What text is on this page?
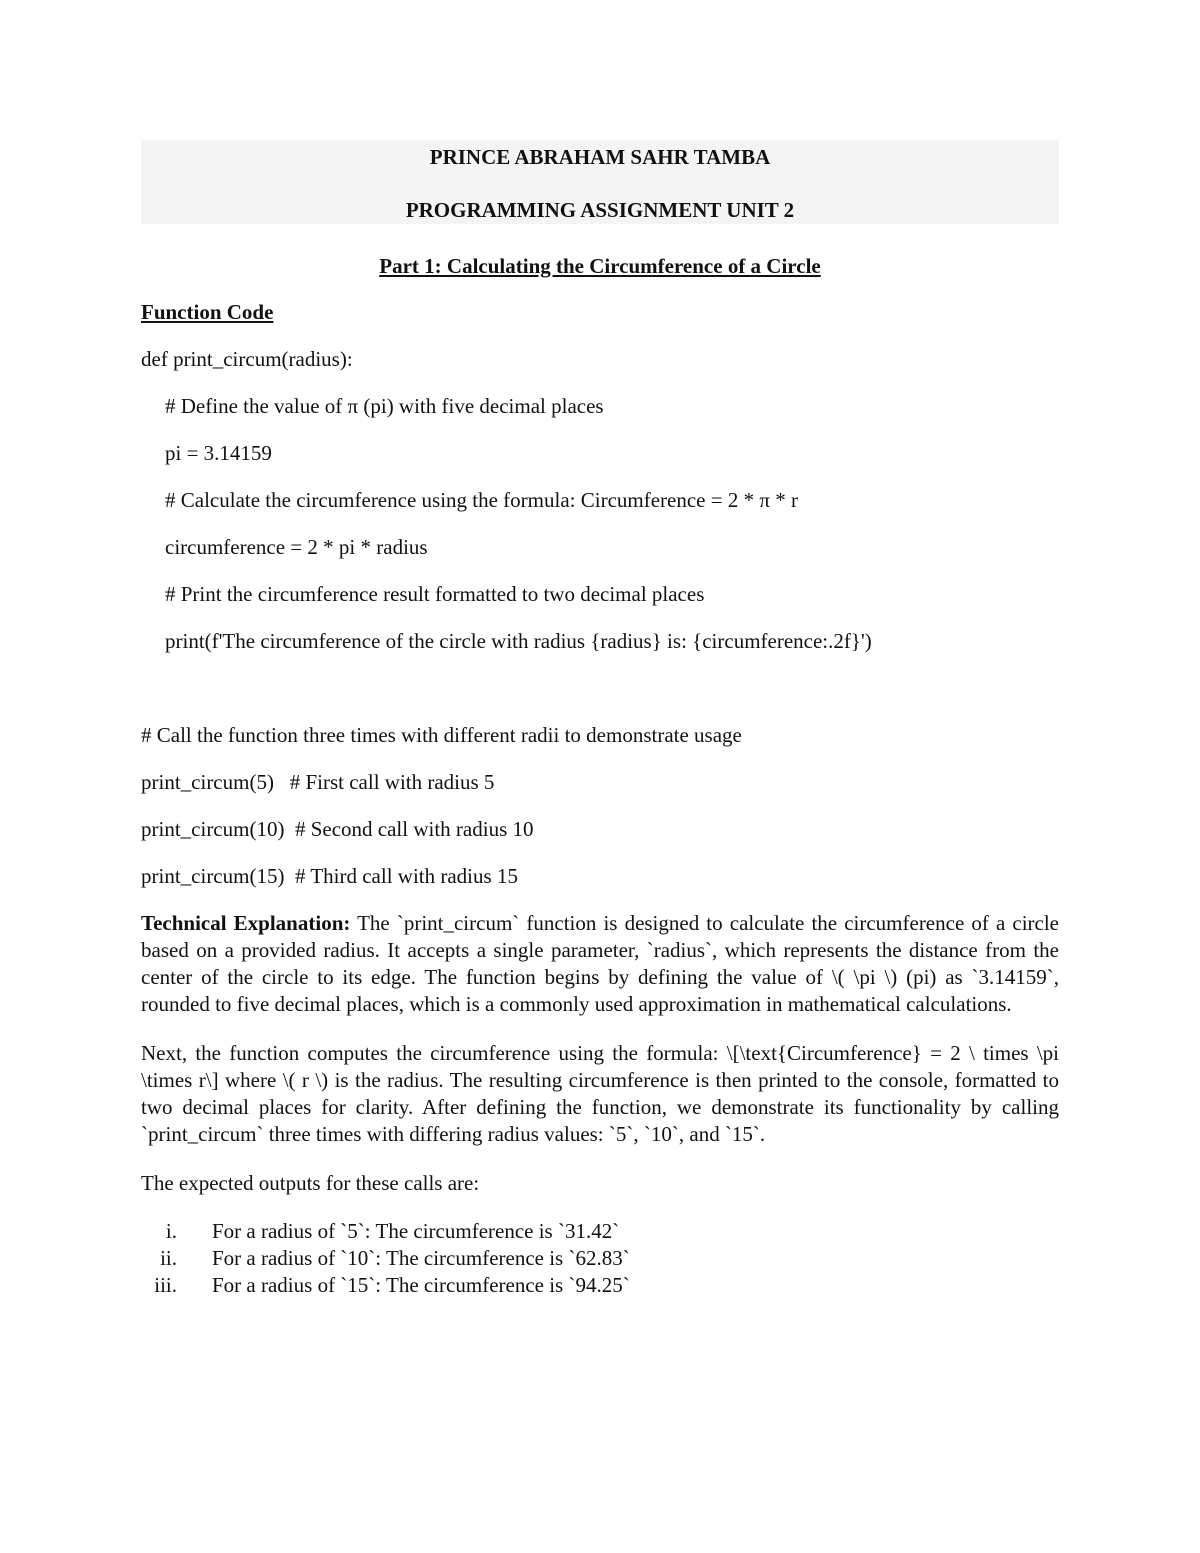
PRINCE ABRAHAM SAHR TAMBA
PROGRAMMING ASSIGNMENT UNIT 2
Part 1: Calculating the Circumference of a Circle
Function Code
def print_circum(radius):
# Define the value of π (pi) with five decimal places
pi = 3.14159
# Calculate the circumference using the formula: Circumference = 2 * π * r
circumference = 2 * pi * radius
# Print the circumference result formatted to two decimal places
print(f'The circumference of the circle with radius {radius} is: {circumference:.2f}')
# Call the function three times with different radii to demonstrate usage
print_circum(5)   # First call with radius 5
print_circum(10)  # Second call with radius 10
print_circum(15)  # Third call with radius 15

Technical Explanation: The `print_circum` function is designed to calculate the circumference of a circle based on a provided radius. It accepts a single parameter, `radius`, which represents the distance from the center of the circle to its edge. The function begins by defining the value of \( \pi \) (pi) as `3.14159`, rounded to five decimal places, which is a commonly used approximation in mathematical calculations.

Next, the function computes the circumference using the formula: \[\text{Circumference} = 2 \ times \pi \times r\] where \( r \) is the radius. The resulting circumference is then printed to the console, formatted to two decimal places for clarity. After defining the function, we demonstrate its functionality by calling `print_circum` three times with differing radius values: `5`, `10`, and `15`.

The expected outputs for these calls are:

i.	For a radius of `5`: The circumference is `31.42`
ii.	For a radius of `10`: The circumference is `62.83`
iii.	For a radius of `15`: The circumference is `94.25`
